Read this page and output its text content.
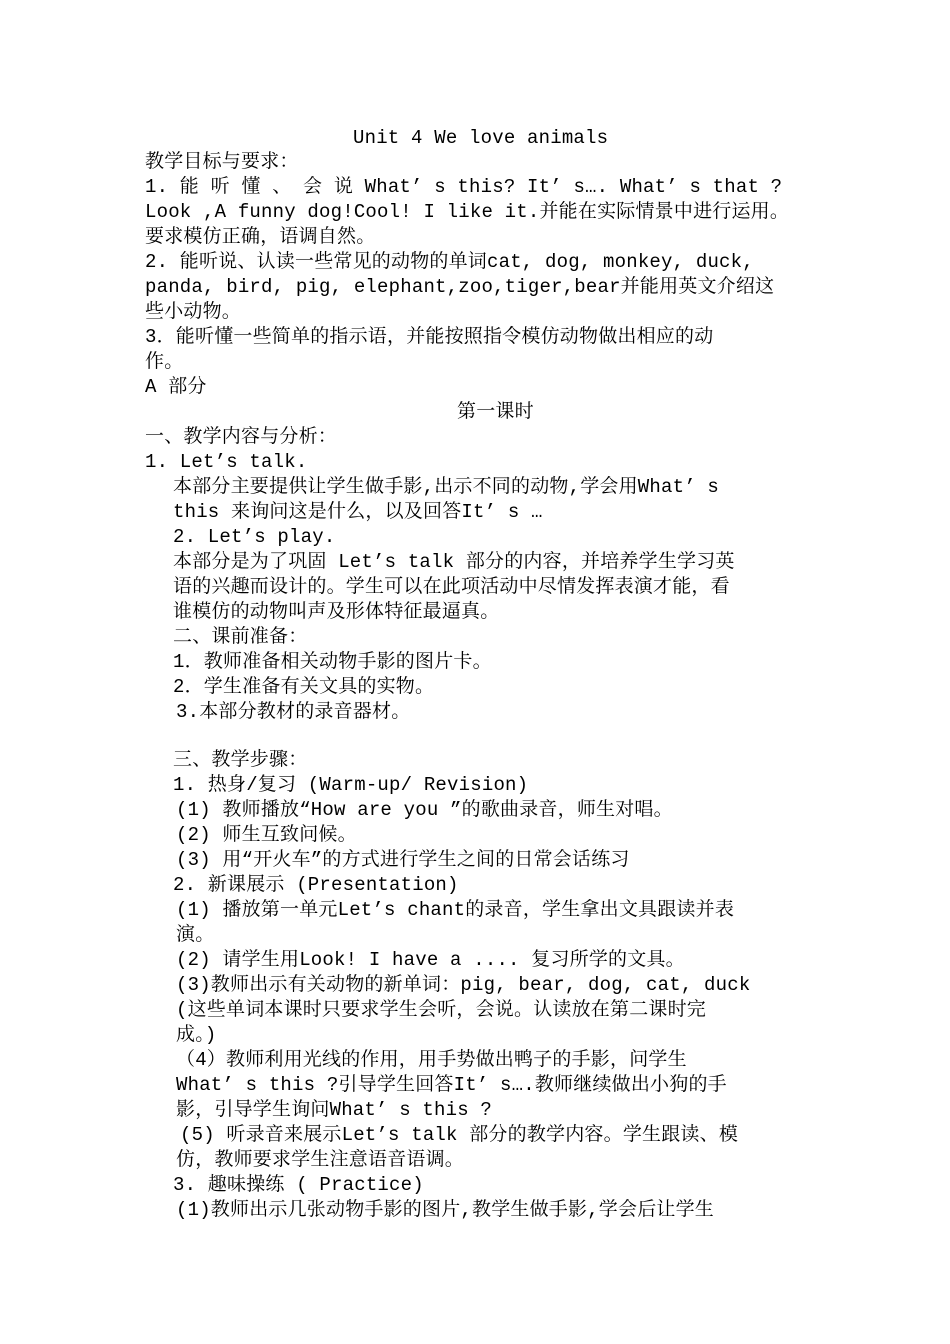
Unit 4 We love animals
教学目标与要求：
1. 能 听 懂 、 会 说 What’ s this? It’ s…. What’ s that ?
Look ,A funny dog!Cool! I like it.并能在实际情景中进行运用。
要求模仿正确，语调自然。
2. 能听说、认读一些常见的动物的单词cat, dog, monkey, duck,
panda, bird, pig, elephant,zoo,tiger,bear并能用英文介绍这
些小动物。
3．能听懂一些简单的指示语，并能按照指令模仿动物做出相应的动
作。
A 部分
第一课时
一、教学内容与分析：
1. Let’s talk.
本部分主要提供让学生做手影,出示不同的动物,学会用What’ s
this 来询问这是什么，以及回答It’ s …
2. Let’s play.
本部分是为了巩固 Let’s talk 部分的内容，并培养学生学习英
语的兴趣而设计的。学生可以在此项活动中尽情发挥表演才能，看
谁模仿的动物叫声及形体特征最逼真。
二、课前准备：
1．教师准备相关动物手影的图片卡。
2．学生准备有关文具的实物。
3.本部分教材的录音器材。
三、教学步骤：
1. 热身/复习 (Warm-up/ Revision)
(1) 教师播放“How are you ”的歌曲录音，师生对唱。
(2) 师生互致问候。
(3) 用“开火车”的方式进行学生之间的日常会话练习
2. 新课展示 (Presentation)
(1) 播放第一单元Let’s chant的录音，学生拿出文具跟读并表
演。
(2) 请学生用Look! I have a .... 复习所学的文具。
(3)教师出示有关动物的新单词：pig, bear, dog, cat, duck
(这些单词本课时只要求学生会听，会说。认读放在第二课时完
成。)
（4）教师利用光线的作用，用手势做出鸭子的手影，问学生
What’ s this ?引导学生回答It’ s….教师继续做出小狗的手
影，引导学生询问What’ s this ?
(5) 听录音来展示Let’s talk 部分的教学内容。学生跟读、模
仿，教师要求学生注意语音语调。
3. 趣味操练 ( Practice)
(1)教师出示几张动物手影的图片,教学生做手影,学会后让学生
